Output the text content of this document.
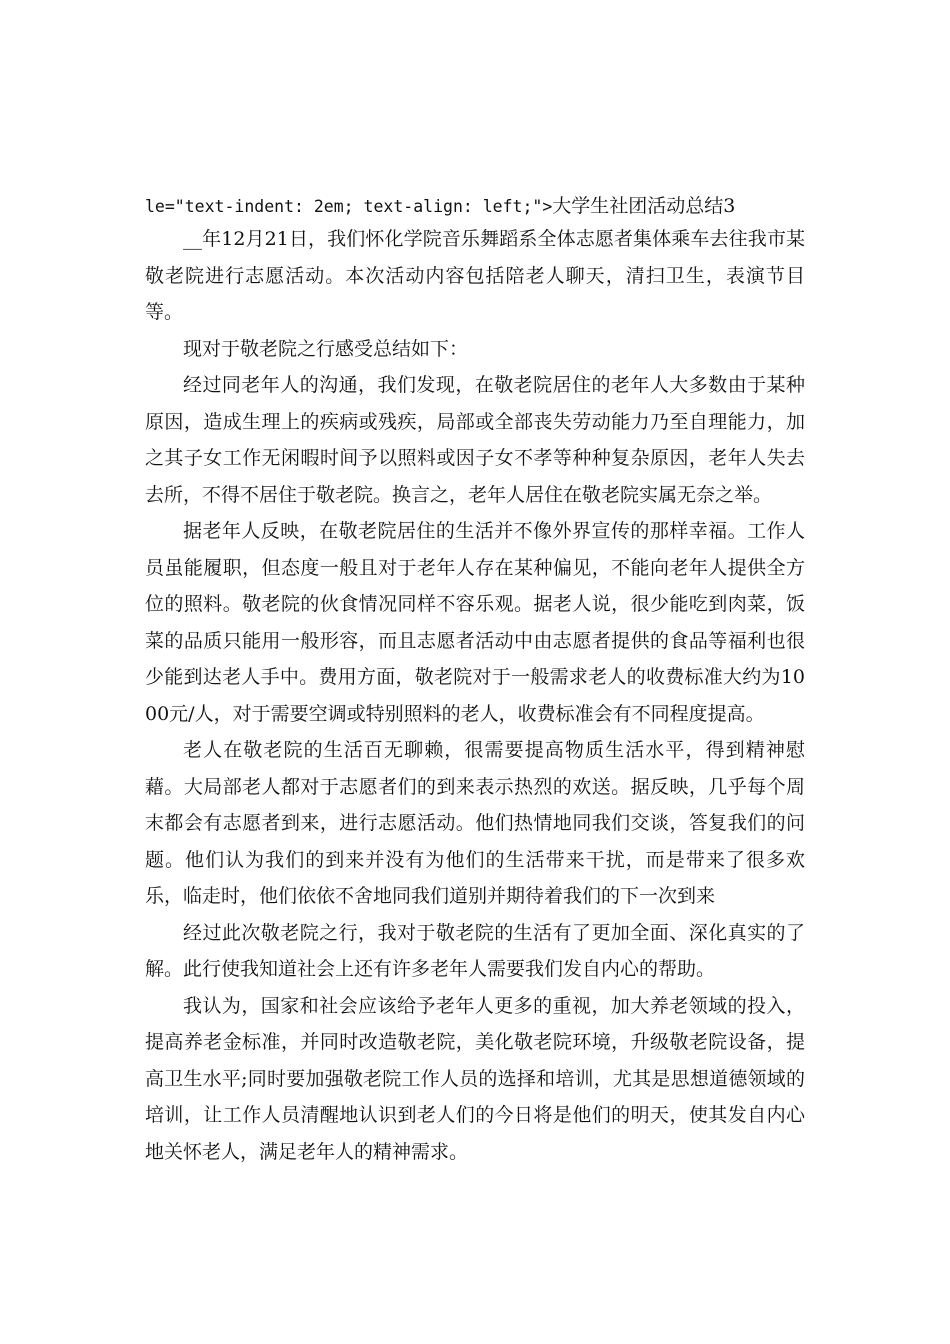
le="text-indent: 2em; text-align: left;">大学生社团活动总结3

__年12月21日，我们怀化学院音乐舞蹈系全体志愿者集体乘车去往我市某敬老院进行志愿活动。本次活动内容包括陪老人聊天，清扫卫生，表演节目等。

现对于敬老院之行感受总结如下：

经过同老年人的沟通，我们发现，在敬老院居住的老年人大多数由于某种原因，造成生理上的疾病或残疾，局部或全部丧失劳动能力乃至自理能力，加之其子女工作无闲暇时间予以照料或因子女不孝等种种复杂原因，老年人失去去所，不得不居住于敬老院。换言之，老年人居住在敬老院实属无奈之举。

据老年人反映，在敬老院居住的生活并不像外界宣传的那样幸福。工作人员虽能履职，但态度一般且对于老年人存在某种偏见，不能向老年人提供全方位的照料。敬老院的伙食情况同样不容乐观。据老人说，很少能吃到肉菜，饭菜的品质只能用一般形容，而且志愿者活动中由志愿者提供的食品等福利也很少能到达老人手中。费用方面，敬老院对于一般需求老人的收费标准大约为1000元/人，对于需要空调或特别照料的老人，收费标准会有不同程度提高。

老人在敬老院的生活百无聊赖，很需要提高物质生活水平，得到精神慰藉。大局部老人都对于志愿者们的到来表示热烈的欢送。据反映，几乎每个周末都会有志愿者到来，进行志愿活动。他们热情地同我们交谈，答复我们的问题。他们认为我们的到来并没有为他们的生活带来干扰，而是带来了很多欢乐，临走时，他们依依不舍地同我们道别并期待着我们的下一次到来

经过此次敬老院之行，我对于敬老院的生活有了更加全面、深化真实的了解。此行使我知道社会上还有许多老年人需要我们发自内心的帮助。

我认为，国家和社会应该给予老年人更多的重视，加大养老领域的投入，提高养老金标准，并同时改造敬老院，美化敬老院环境，升级敬老院设备，提高卫生水平;同时要加强敬老院工作人员的选择和培训，尤其是思想道德领域的培训，让工作人员清醒地认识到老人们的今日将是他们的明天，使其发自内心地关怀老人，满足老年人的精神需求。
